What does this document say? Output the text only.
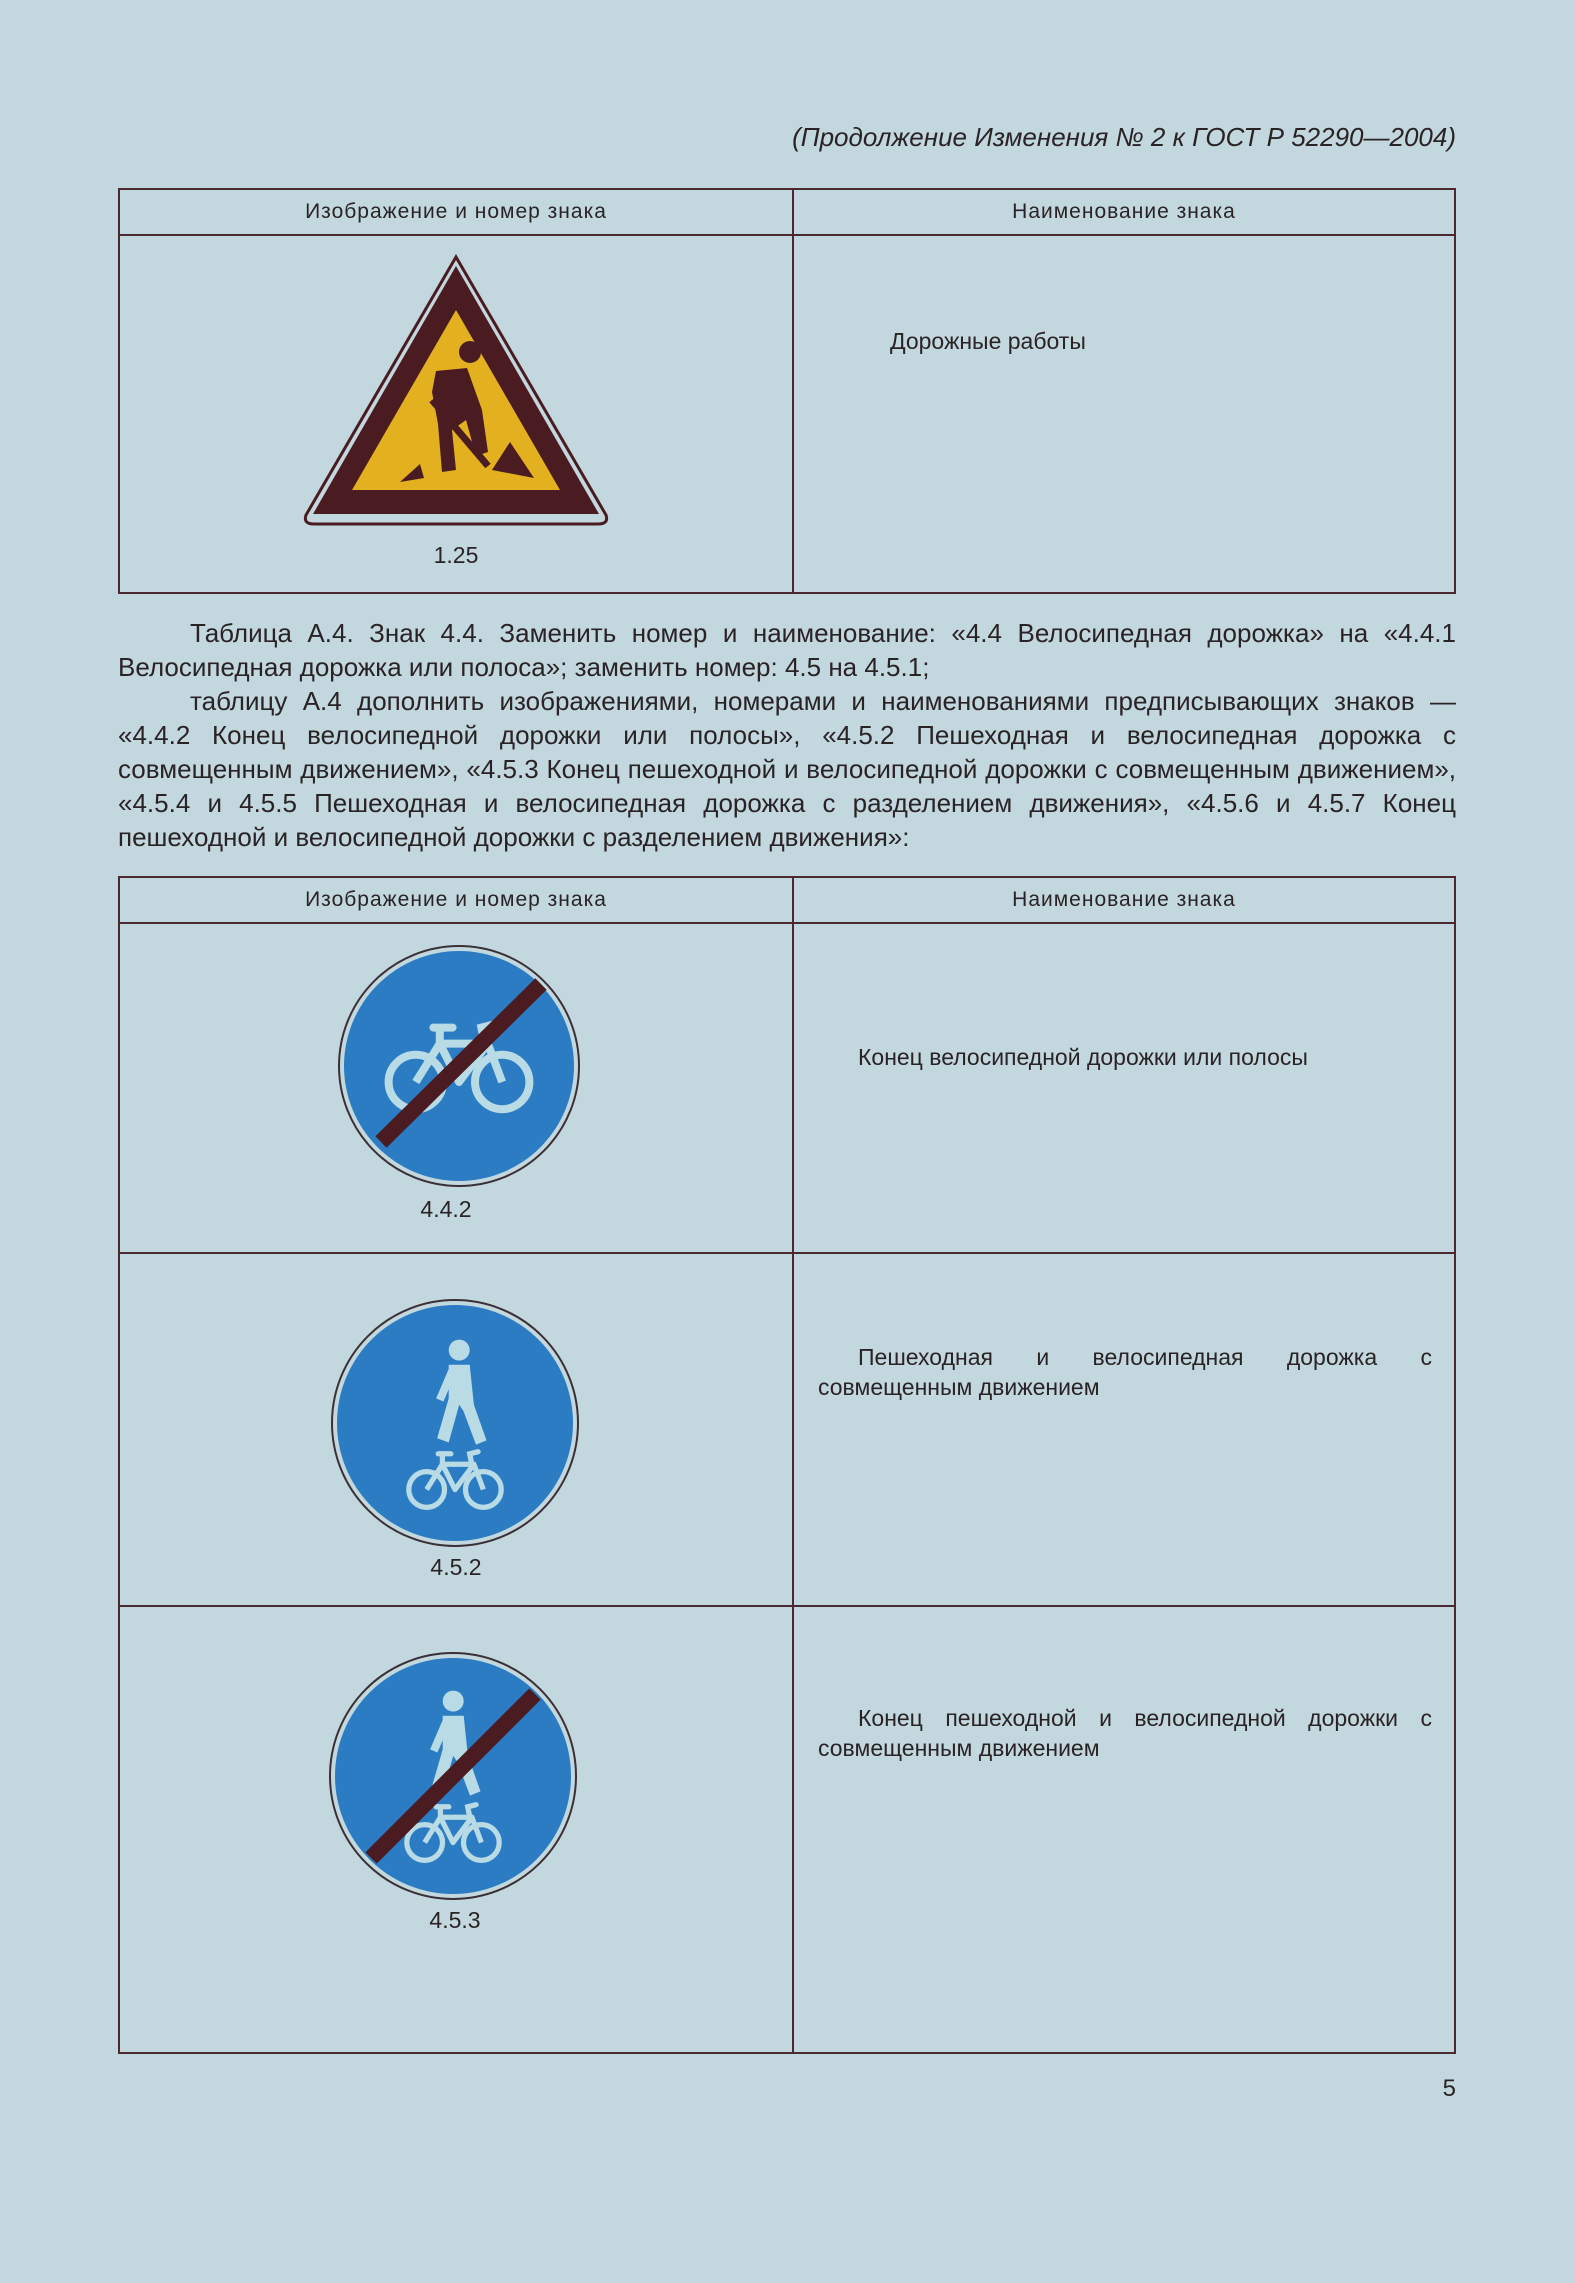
(Продолжение Изменения № 2 к ГОСТ Р 52290—2004)
Изображение и номер знака	Наименование знака

1.25	Дорожные работы

Таблица А.4. Знак 4.4. Заменить номер и наименование: «4.4 Велосипедная дорожка» на «4.4.1 Велосипедная дорожка или полоса»; заменить номер: 4.5 на 4.5.1;

таблицу А.4 дополнить изображениями, номерами и наименованиями предписывающих знаков — «4.4.2 Конец велосипедной дорожки или полосы», «4.5.2 Пешеходная и велосипедная дорожка с совмещенным движением», «4.5.3 Конец пешеходной и велосипедной дорожки с совмещенным движением», «4.5.4 и 4.5.5 Пешеходная и велосипедная дорожка с разделением движения», «4.5.6 и 4.5.7 Конец пешеходной и велосипедной дорожки с разделением движения»:

Изображение и номер знака	Наименование знака

4.4.2	Конец велосипедной дорожки или полосы

4.5.2	Пешеходная и велосипедная дорожка с совмещенным движением

4.5.3	Конец пешеходной и велосипедной дорожки с совмещенным движением
5
